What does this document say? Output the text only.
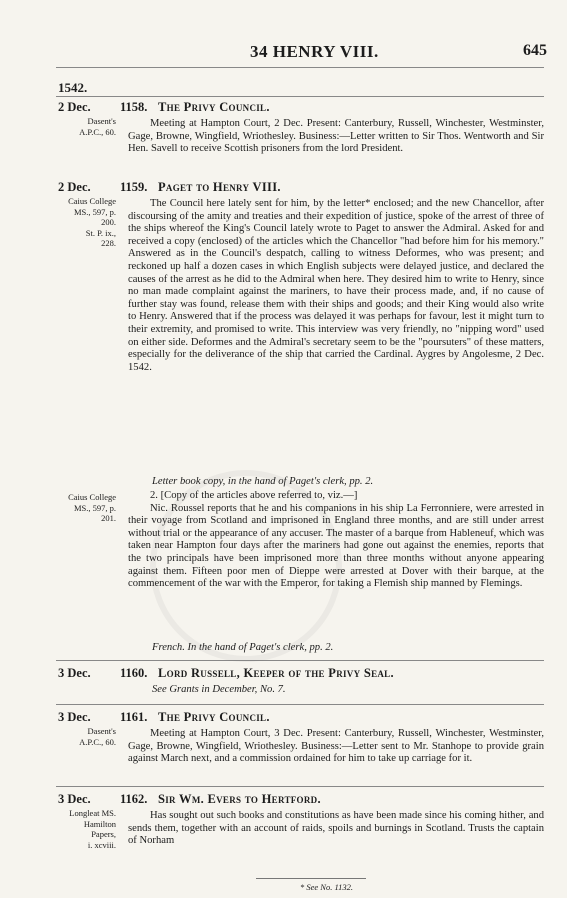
34 HENRY VIII.	645
1542.
2 Dec. 1158. The Privy Council.
Dasent's
A.P.C., 60.

Meeting at Hampton Court, 2 Dec. Present: Canterbury, Russell, Winchester, Westminster, Gage, Browne, Wingfield, Wriothesley. Business:—Letter written to Sir Thos. Wentworth and Sir Hen. Savell to receive Scottish prisoners from the lord President.

2 Dec. 1159. Paget to Henry VIII.
Caius College
MS., 597, p.
200.
St. P. ix.,
228.

The Council here lately sent for him, by the letter* enclosed; and the new Chancellor, after discoursing of the amity and treaties and their expedition of justice, spoke of the arrest of three of the ships whereof the King's Council lately wrote to Paget to answer the Admiral. Asked for and received a copy (enclosed) of the articles which the Chancellor "had before him for his memory." Answered as in the Council's despatch, calling to witness Deformes, who was present; and reckoned up half a dozen cases in which English subjects were delayed justice, and declared the causes of the arrest as he did to the Admiral when here. They desired him to write to Henry, since no man made complaint against the mariners, to have their process made, and, if no cause of further stay was found, release them with their ships and goods; and their King would also write to Henry. Answered that if the process was delayed it was perhaps for favour, lest it might turn to their extremity, and promised to write. This interview was very friendly, no "nipping word" used on either side. Deformes and the Admiral's secretary seem to be the "poursuters" of these matters, especially for the deliverance of the ship that carried the Cardinal. Aygres by Angolesme, 2 Dec. 1542.

Letter book copy, in the hand of Paget's clerk, pp. 2.
Caius College
MS., 597, p.
201.

2. [Copy of the articles above referred to, viz.—]

Nic. Roussel reports that he and his companions in his ship La Ferronniere, were arrested in their voyage from Scotland and imprisoned in England three months, and are still under arrest without trial or the appearance of any accuser. The master of a barque from Hableneuf, which was taken near Hampton four days after the mariners had gone out against the enemies, reports that the two principals have been imprisoned more than three months without anyone appearing against them. Fifteen poor men of Dieppe were arrested at Dover with their barque, at the commencement of the war with the Emperor, for taking a Flemish ship manned by Flemings.

French. In the hand of Paget's clerk, pp. 2.
3 Dec. 1160. Lord Russell, Keeper of the Privy Seal.
See Grants in December, No. 7.
3 Dec. 1161. The Privy Council.
Dasent's
A.P.C., 60.

Meeting at Hampton Court, 3 Dec. Present: Canterbury, Russell, Winchester, Westminster, Gage, Browne, Wingfield, Wriothesley. Business:—Letter sent to Mr. Stanhope to provide grain against March next, and a commission ordained for him to take up carriage for it.

3 Dec. 1162. Sir Wm. Evers to Hertford.
Longleat MS.
Hamilton
Papers,
i. xcviii.

Has sought out such books and constitutions as have been made since his coming hither, and sends them, together with an account of raids, spoils and burnings in Scotland. Trusts the captain of Norham

* See No. 1132.
